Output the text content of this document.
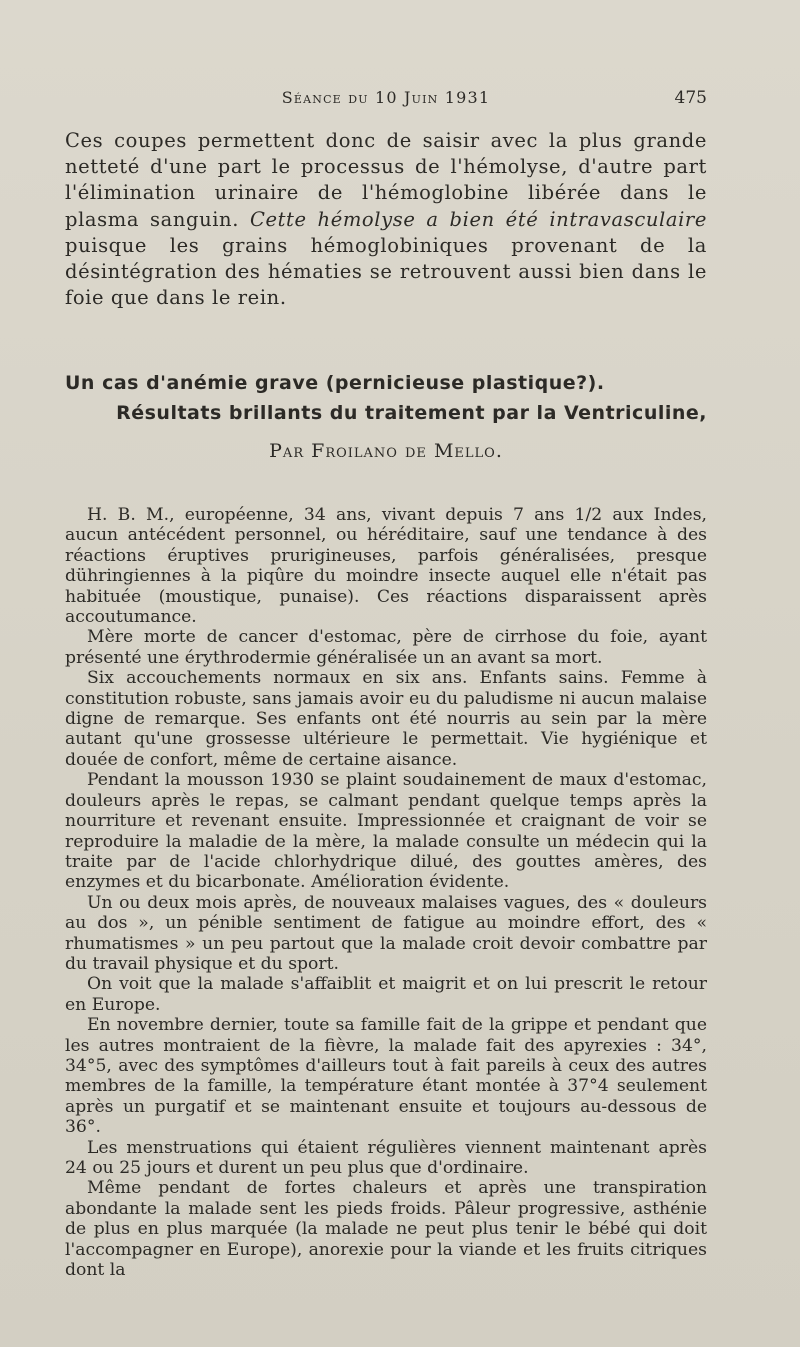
Séance du 10 Juin 1931	475

Ces coupes permettent donc de saisir avec la plus grande netteté d'une part le processus de l'hémolyse, d'autre part l'élimination urinaire de l'hémoglobine libérée dans le plasma sanguin. Cette hémolyse a bien été intravasculaire puisque les grains hémoglobiniques provenant de la désintégration des hématies se retrouvent aussi bien dans le foie que dans le rein.

Un cas d'anémie grave (pernicieuse plastique?).

Résultats brillants du traitement par la Ventriculine,

Par Froilano de Mello.

H. B. M., européenne, 34 ans, vivant depuis 7 ans 1/2 aux Indes, aucun antécédent personnel, ou héréditaire, sauf une tendance à des réactions éruptives prurigineuses, parfois généralisées, presque dühringiennes à la piqûre du moindre insecte auquel elle n'était pas habituée (moustique, punaise). Ces réactions disparaissent après accoutumance.

Mère morte de cancer d'estomac, père de cirrhose du foie, ayant présenté une érythrodermie généralisée un an avant sa mort.

Six accouchements normaux en six ans. Enfants sains. Femme à constitution robuste, sans jamais avoir eu du paludisme ni aucun malaise digne de remarque. Ses enfants ont été nourris au sein par la mère autant qu'une grossesse ultérieure le permettait. Vie hygiénique et douée de confort, même de certaine aisance.

Pendant la mousson 1930 se plaint soudainement de maux d'estomac, douleurs après le repas, se calmant pendant quelque temps après la nourriture et revenant ensuite. Impressionnée et craignant de voir se reproduire la maladie de la mère, la malade consulte un médecin qui la traite par de l'acide chlorhydrique dilué, des gouttes amères, des enzymes et du bicarbonate. Amélioration évidente.

Un ou deux mois après, de nouveaux malaises vagues, des « douleurs au dos », un pénible sentiment de fatigue au moindre effort, des « rhumatismes » un peu partout que la malade croit devoir combattre par du travail physique et du sport.

On voit que la malade s'affaiblit et maigrit et on lui prescrit le retour en Europe.

En novembre dernier, toute sa famille fait de la grippe et pendant que les autres montraient de la fièvre, la malade fait des apyrexies : 34°, 34°5, avec des symptômes d'ailleurs tout à fait pareils à ceux des autres membres de la famille, la température étant montée à 37°4 seulement après un purgatif et se maintenant ensuite et toujours au-dessous de 36°.

Les menstruations qui étaient régulières viennent maintenant après 24 ou 25 jours et durent un peu plus que d'ordinaire.

Même pendant de fortes chaleurs et après une transpiration abondante la malade sent les pieds froids. Pâleur progressive, asthénie de plus en plus marquée (la malade ne peut plus tenir le bébé qui doit l'accompagner en Europe), anorexie pour la viande et les fruits citriques dont la
